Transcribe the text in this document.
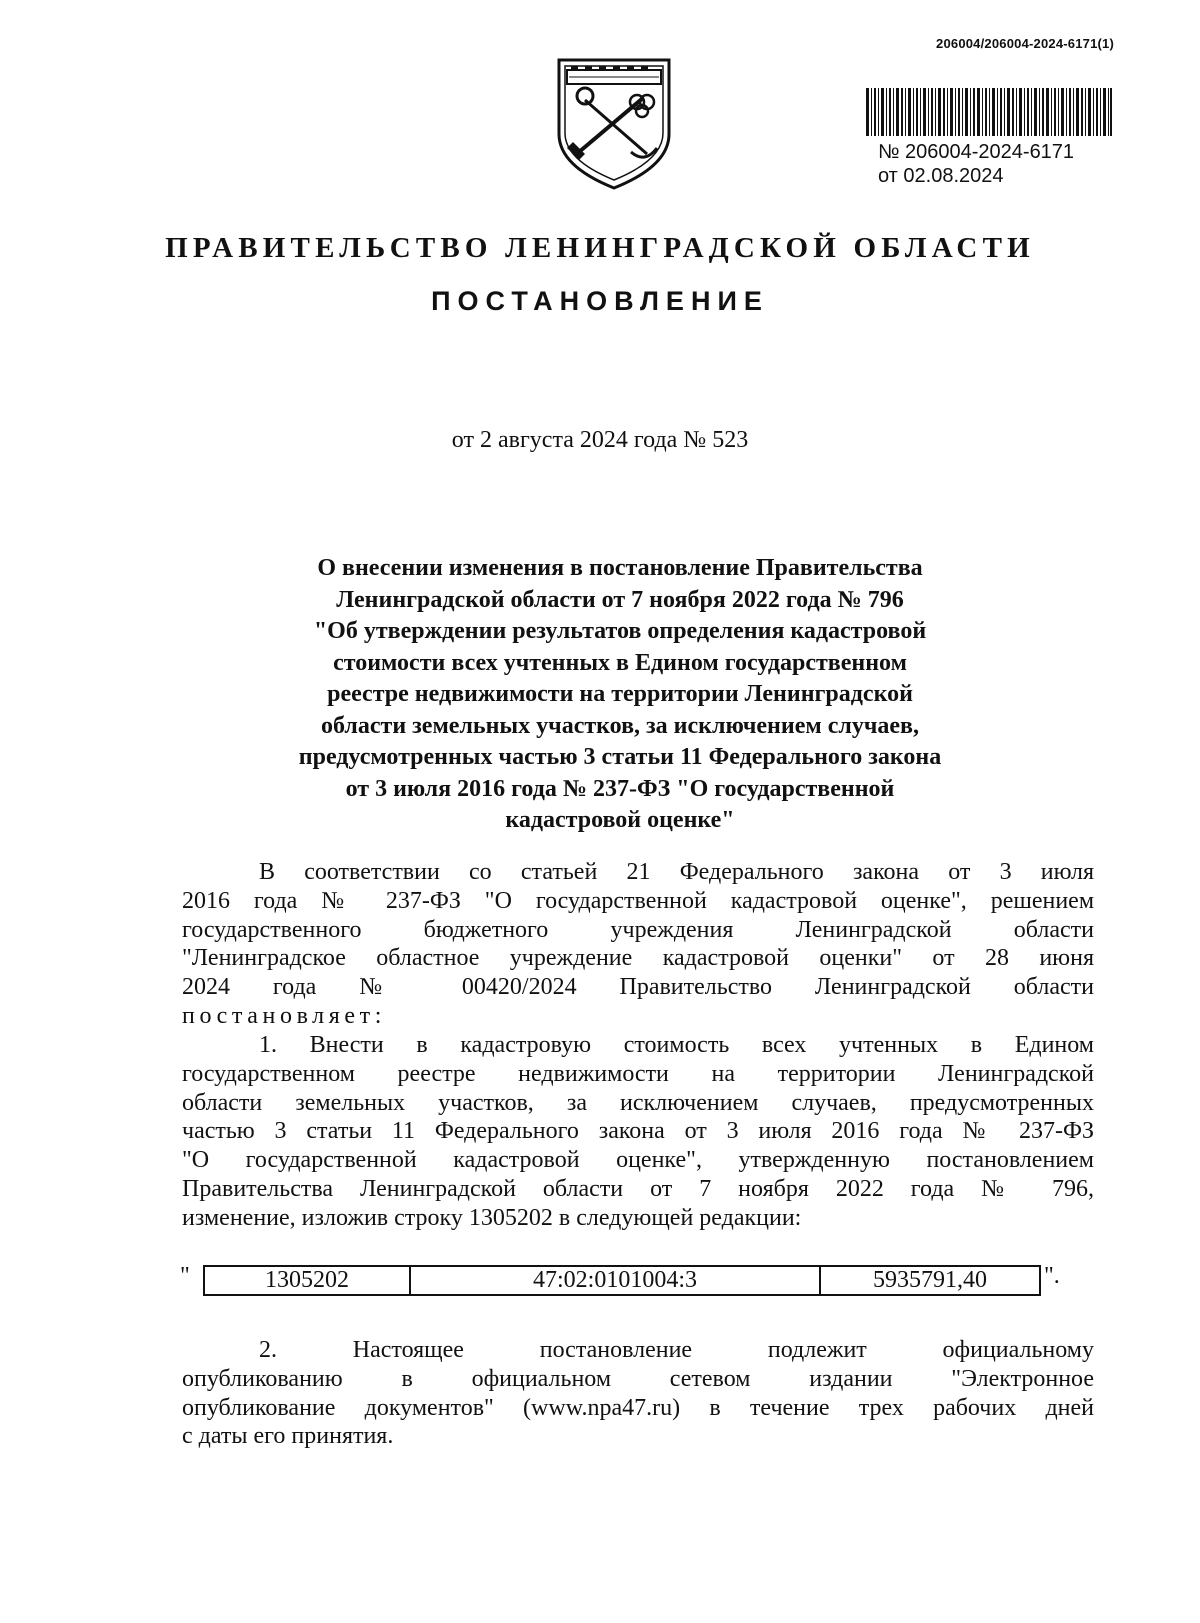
206004/206004-2024-6171(1)
№ 206004-2024-6171
от 02.08.2024
ПРАВИТЕЛЬСТВО ЛЕНИНГРАДСКОЙ ОБЛАСТИ
ПОСТАНОВЛЕНИЕ
от 2 августа 2024 года № 523
О внесении изменения в постановление Правительства
Ленинградской области от 7 ноября 2022 года № 796
"Об утверждении результатов определения кадастровой
стоимости всех учтенных в Едином государственном
реестре недвижимости на территории Ленинградской
области земельных участков, за исключением случаев,
предусмотренных частью 3 статьи 11 Федерального закона
от 3 июля 2016 года № 237-ФЗ "О государственной
кадастровой оценке"
В соответствии со статьей 21 Федерального закона от 3 июля
2016 года № 237-ФЗ "О государственной кадастровой оценке", решением
государственного бюджетного учреждения Ленинградской области
"Ленинградское областное учреждение кадастровой оценки" от 28 июня
2024 года № 00420/2024 Правительство Ленинградской области
постановляет:
1. Внести в кадастровую стоимость всех учтенных в Едином
государственном реестре недвижимости на территории Ленинградской
области земельных участков, за исключением случаев, предусмотренных
частью 3 статьи 11 Федерального закона от 3 июля 2016 года № 237-ФЗ
"О государственной кадастровой оценке", утвержденную постановлением
Правительства Ленинградской области от 7 ноября 2022 года № 796,
изменение, изложив строку 1305202 в следующей редакции:
"	1305202	47:02:0101004:3	5935791,40 ".
2. Настоящее постановление подлежит официальному
опубликованию в официальном сетевом издании "Электронное
опубликование документов" (www.npa47.ru) в течение трех рабочих дней
с даты его принятия.
